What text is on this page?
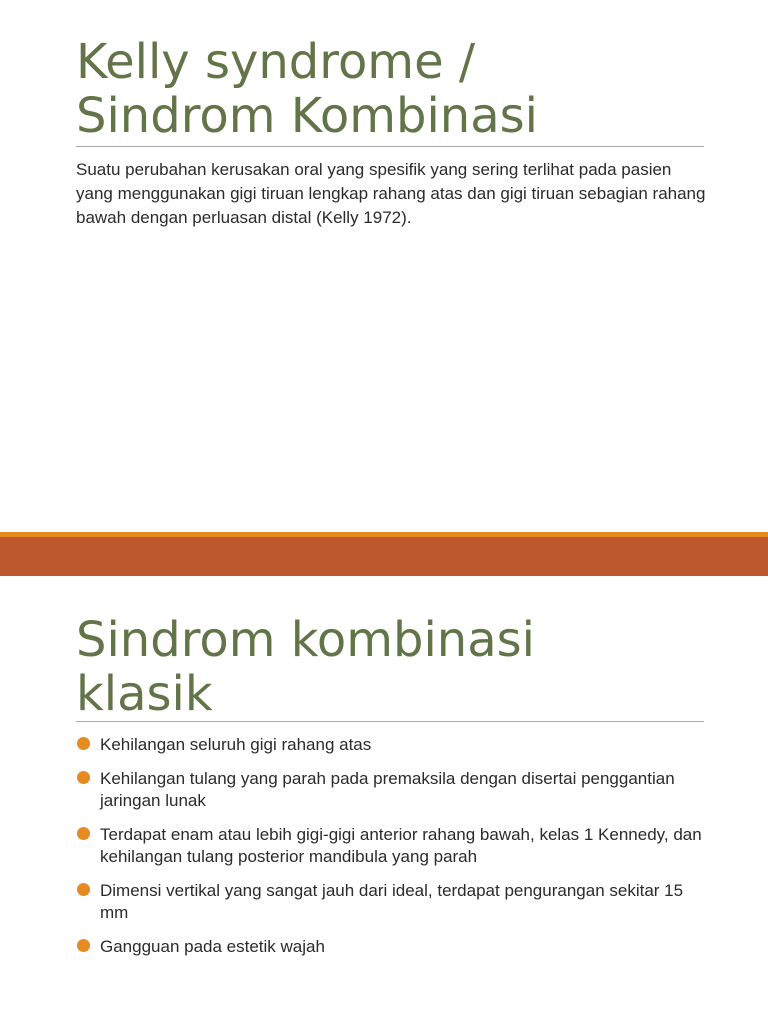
Kelly syndrome /
Sindrom Kombinasi

Suatu perubahan kerusakan oral yang spesifik yang sering terlihat pada pasien yang menggunakan gigi tiruan lengkap rahang atas dan gigi tiruan sebagian rahang bawah dengan perluasan distal (Kelly 1972).

Sindrom kombinasi
klasik
Kehilangan seluruh gigi rahang atas
Kehilangan tulang yang parah pada premaksila dengan disertai penggantian jaringan lunak
Terdapat enam atau lebih gigi-gigi anterior rahang bawah, kelas 1 Kennedy, dan kehilangan tulang posterior mandibula yang parah
Dimensi vertikal yang sangat jauh dari ideal, terdapat pengurangan sekitar 15 mm
Gangguan pada estetik wajah
